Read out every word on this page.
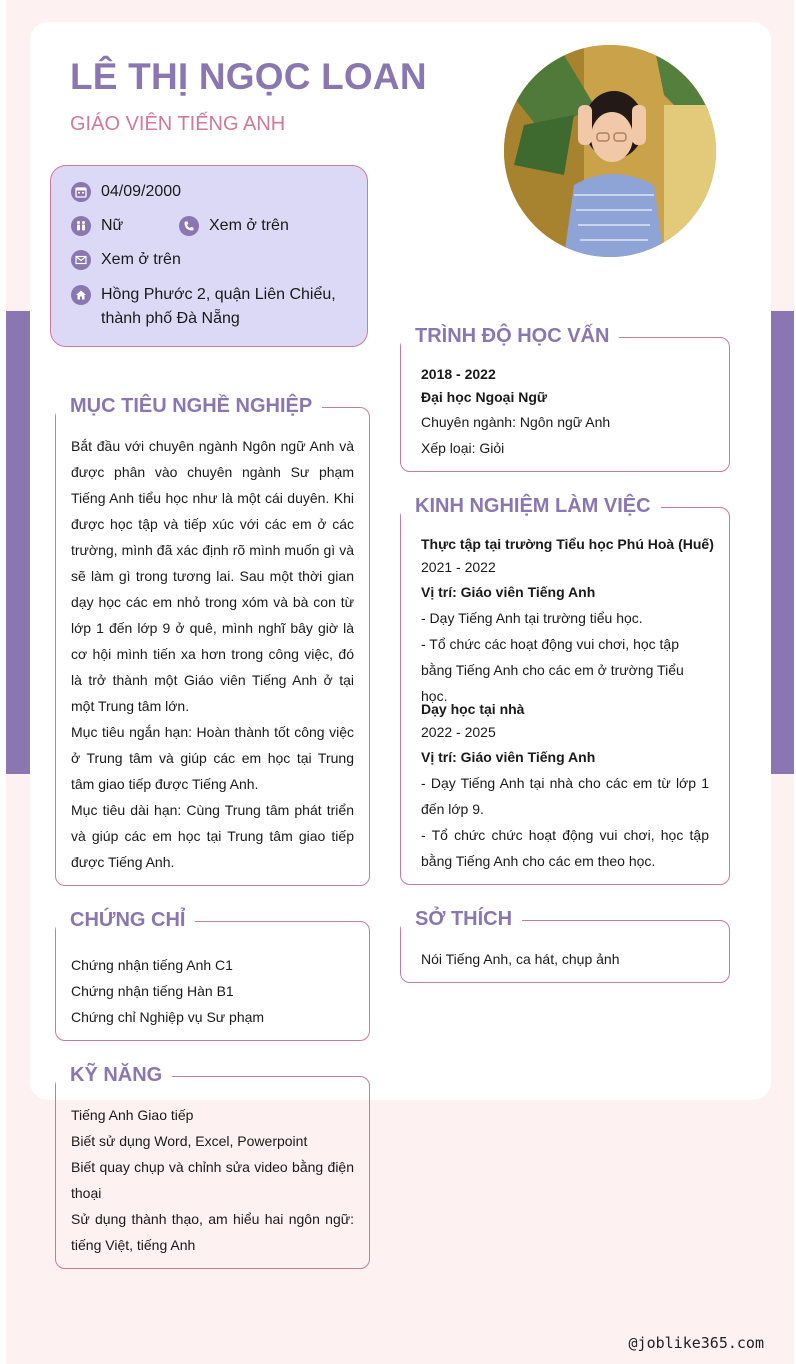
LÊ THỊ NGỌC LOAN
GIÁO VIÊN TIẾNG ANH
04/09/2000
Nữ	Xem ở trên
Xem ở trên
Hồng Phước 2, quận Liên Chiểu,
thành phố Đà Nẵng
MỤC TIÊU NGHỀ NGHIỆP
Bắt đầu với chuyên ngành Ngôn ngữ Anh và được phân vào chuyên ngành Sư phạm Tiếng Anh tiểu học như là một cái duyên. Khi được học tập và tiếp xúc với các em ở các trường, mình đã xác định rõ mình muốn gì và sẽ làm gì trong tương lai. Sau một thời gian dạy học các em nhỏ trong xóm và bà con từ lớp 1 đến lớp 9 ở quê, mình nghĩ bây giờ là cơ hội mình tiến xa hơn trong công việc, đó là trở thành một Giáo viên Tiếng Anh ở tại một Trung tâm lớn.
Mục tiêu ngắn hạn: Hoàn thành tốt công việc ở Trung tâm và giúp các em học tại Trung tâm giao tiếp được Tiếng Anh.
Mục tiêu dài hạn: Cùng Trung tâm phát triển và giúp các em học tại Trung tâm giao tiếp được Tiếng Anh.
CHỨNG CHỈ
Chứng nhận tiếng Anh C1
Chứng nhận tiếng Hàn B1
Chứng chỉ Nghiệp vụ Sư phạm
KỸ NĂNG
Tiếng Anh Giao tiếp
Biết sử dụng Word, Excel, Powerpoint
Biết quay chụp và chỉnh sửa video bằng điện thoại
Sử dụng thành thạo, am hiểu hai ngôn ngữ: tiếng Việt, tiếng Anh
TRÌNH ĐỘ HỌC VẤN
2018 - 2022
Đại học Ngoại Ngữ
Chuyên ngành: Ngôn ngữ Anh
Xếp loại: Giỏi
KINH NGHIỆM LÀM VIỆC
Thực tập tại trường Tiểu học Phú Hoà (Huế)
2021 - 2022
Vị trí: Giáo viên Tiếng Anh
- Dạy Tiếng Anh tại trường tiểu học.
- Tổ chức các hoạt động vui chơi, học tập bằng Tiếng Anh cho các em ở trường Tiểu học.
Dạy học tại nhà
2022 - 2025
Vị trí: Giáo viên Tiếng Anh
- Dạy Tiếng Anh tại nhà cho các em từ lớp 1 đến lớp 9.
- Tổ chức chức hoạt động vui chơi, học tập bằng Tiếng Anh cho các em theo học.
SỞ THÍCH
Nói Tiếng Anh, ca hát, chụp ảnh
@joblike365.com
